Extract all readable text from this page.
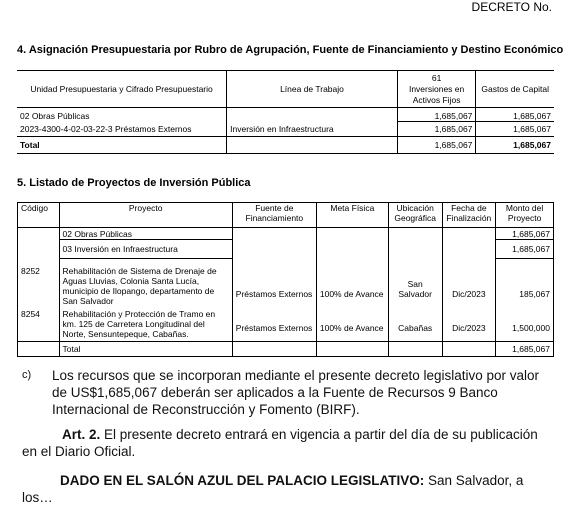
DECRETO No.
4. Asignación Presupuestaria por Rubro de Agrupación, Fuente de Financiamiento y Destino Económico
Unidad Presupuestaria y Cifrado Presupuestario	Línea de Trabajo	61
Inversiones en
Activos Fijos	Gastos de Capital
02 Obras Públicas		1,685,067	1,685,067
2023-4300-4-02-03-22-3 Préstamos Externos	Inversión en Infraestructura	1,685,067	1,685,067
Total		1,685,067	1,685,067
5. Listado de Proyectos de Inversión Pública
Código	Proyecto	Fuente de Financiamiento	Meta Física	Ubicación Geográfica	Fecha de Finalización	Monto del Proyecto
	02 Obras Públicas					1,685,067
	03 Inversión en Infraestructura					1,685,067
8252	Rehabilitación de Sistema de Drenaje de Aguas Lluvias, Colonia Santa Lucía, municipio de Ilopango, departamento de San Salvador	Préstamos Externos	100% de Avance	San Salvador	Dic/2023	185,067
8254	Rehabilitación y Protección de Tramo en km. 125 de Carretera Longitudinal del Norte, Sensuntepeque, Cabañas.	Préstamos Externos	100% de Avance	Cabañas	Dic/2023	1,500,000
	Total					1,685,067
c) Los recursos que se incorporan mediante el presente decreto legislativo por valor de US$1,685,067 deberán ser aplicados a la Fuente de Recursos 9 Banco Internacional de Reconstrucción y Fomento (BIRF).
Art. 2. El presente decreto entrará en vigencia a partir del día de su publicación en el Diario Oficial.
DADO EN EL SALÓN AZUL DEL PALACIO LEGISLATIVO: San Salvador, a los…
